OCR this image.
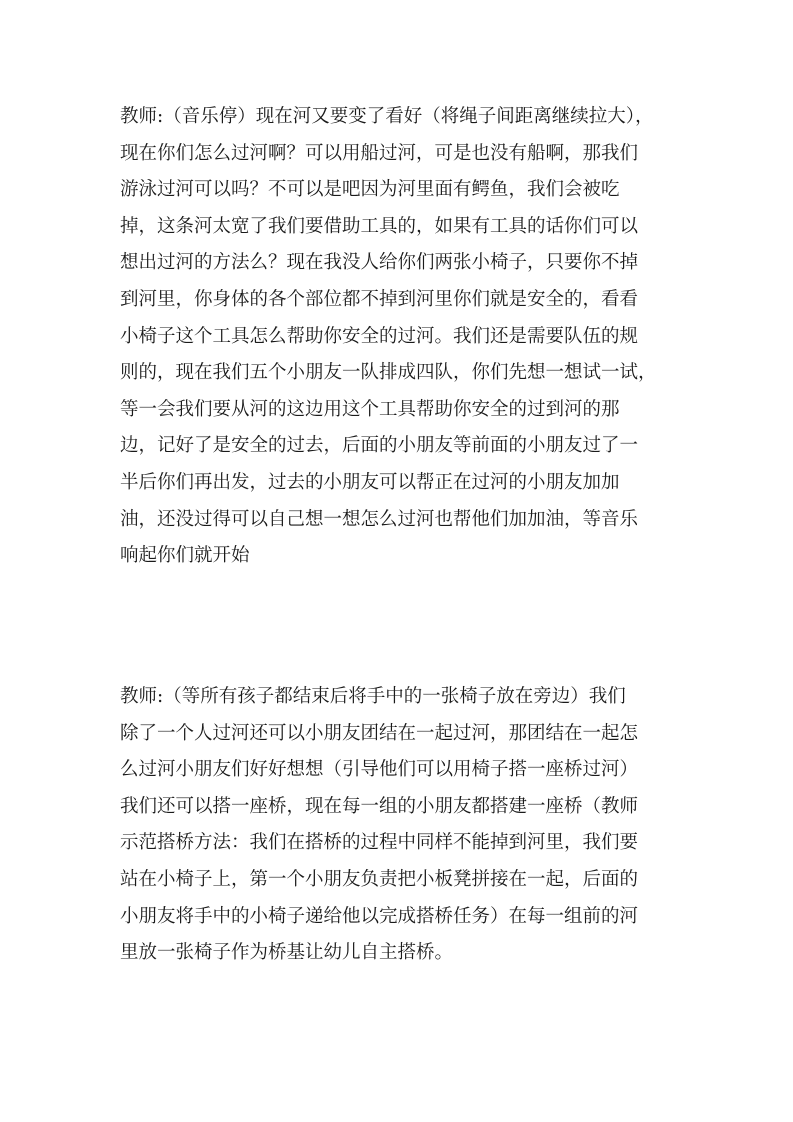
教师:（音乐停）现在河又要变了看好（将绳子间距离继续拉大），
现在你们怎么过河啊？可以用船过河，可是也没有船啊，那我们
游泳过河可以吗？不可以是吧因为河里面有鳄鱼，我们会被吃
掉，这条河太宽了我们要借助工具的，如果有工具的话你们可以
想出过河的方法么？现在我没人给你们两张小椅子，只要你不掉
到河里，你身体的各个部位都不掉到河里你们就是安全的，看看
小椅子这个工具怎么帮助你安全的过河。我们还是需要队伍的规
则的，现在我们五个小朋友一队排成四队，你们先想一想试一试，
等一会我们要从河的这边用这个工具帮助你安全的过到河的那
边，记好了是安全的过去，后面的小朋友等前面的小朋友过了一
半后你们再出发，过去的小朋友可以帮正在过河的小朋友加加
油，还没过得可以自己想一想怎么过河也帮他们加加油，等音乐
响起你们就开始
教师:（等所有孩子都结束后将手中的一张椅子放在旁边）我们
除了一个人过河还可以小朋友团结在一起过河，那团结在一起怎
么过河小朋友们好好想想（引导他们可以用椅子搭一座桥过河）
我们还可以搭一座桥，现在每一组的小朋友都搭建一座桥（教师
示范搭桥方法：我们在搭桥的过程中同样不能掉到河里，我们要
站在小椅子上，第一个小朋友负责把小板凳拼接在一起，后面的
小朋友将手中的小椅子递给他以完成搭桥任务）在每一组前的河
里放一张椅子作为桥基让幼儿自主搭桥。
